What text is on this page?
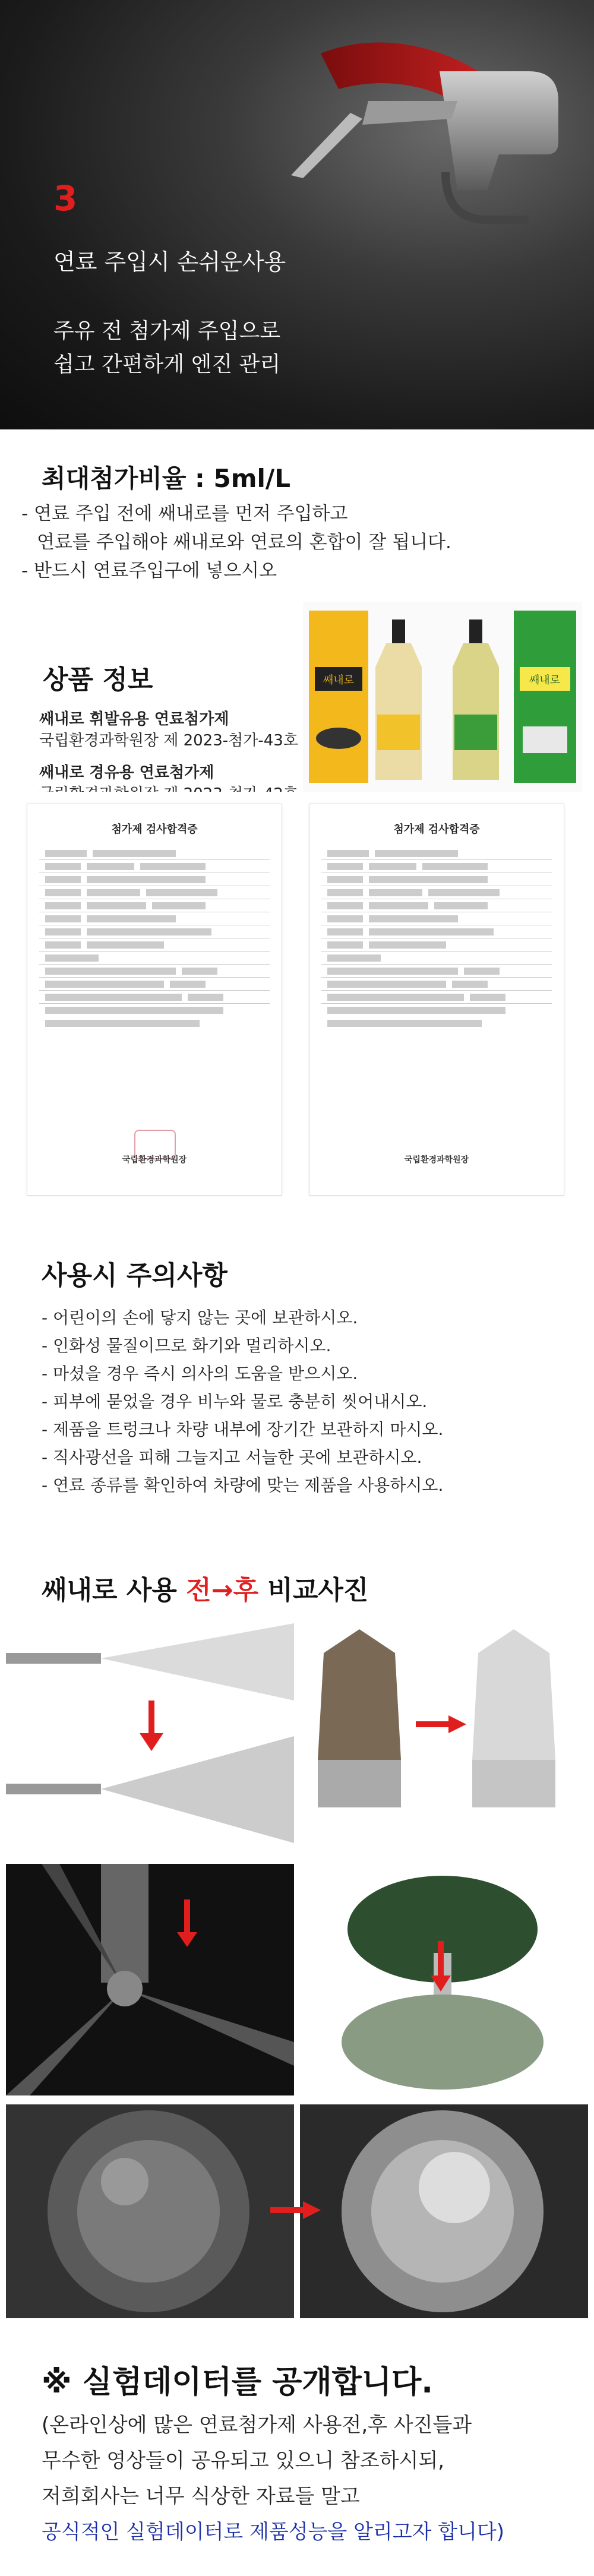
3
연료 주입시 손쉬운사용
주유 전 첨가제 주입으로
쉽고 간편하게 엔진 관리
최대첨가비율 : 5ml/L
- 연료 주입 전에 쌔내로를 먼저 주입하고
연료를 주입해야 쌔내로와 연료의 혼합이 잘 됩니다.
- 반드시 연료주입구에 넣으시오
상품 정보
쌔내로 휘발유용 연료첨가제
국립환경과학원장 제 2023-첨가-43호
쌔내로 경유용 연료첨가제
쌔내로	쌔내로
첨가제 검사합격증
국립환경과학원장
첨가제 검사합격증
국립환경과학원장
사용시 주의사항
- 어린이의 손에 닿지 않는 곳에 보관하시오.
- 인화성 물질이므로 화기와 멀리하시오.
- 마셨을 경우 즉시 의사의 도움을 받으시오.
- 피부에 묻었을 경우 비누와 물로 충분히 씻어내시오.
- 제품을 트렁크나 차량 내부에 장기간 보관하지 마시오.
- 직사광선을 피해 그늘지고 서늘한 곳에 보관하시오.
- 연료 종류를 확인하여 차량에 맞는 제품을 사용하시오.
쌔내로 사용 전→후 비교사진
※ 실험데이터를 공개합니다.

(온라인상에 많은 연료첨가제 사용전,후 사진들과

무수한 영상들이 공유되고 있으니 참조하시되,

저희회사는 너무 식상한 자료들 말고

공식적인 실험데이터로 제품성능을 알리고자 합니다)
